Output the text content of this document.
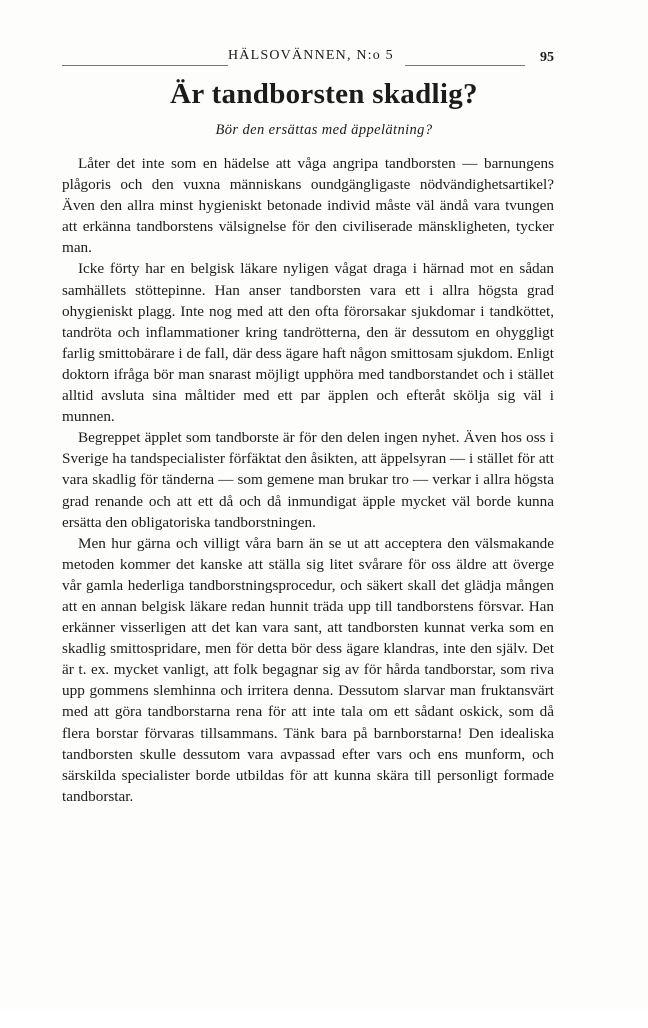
HÄLSOVÄNNEN, N:o 5	95
Är tandborsten skadlig?
Bör den ersättas med äppelätning?

Låter det inte som en hädelse att våga angripa tandborsten — barnungens plågoris och den vuxna människans oundgängligaste nödvändighetsartikel? Även den allra minst hygieniskt betonade individ måste väl ändå vara tvungen att erkänna tandborstens välsignelse för den civiliserade mänskligheten, tycker man.

Icke förty har en belgisk läkare nyligen vågat draga i härnad mot en sådan samhällets stöttepinne. Han anser tandborsten vara ett i allra högsta grad ohygieniskt plagg. Inte nog med att den ofta förorsakar sjukdomar i tandköttet, tandröta och inflammationer kring tandrötterna, den är dessutom en ohyggligt farlig smittobärare i de fall, där dess ägare haft någon smittosam sjukdom. Enligt doktorn ifråga bör man snarast möjligt upphöra med tandborstandet och i stället alltid avsluta sina måltider med ett par äpplen och efteråt skölja sig väl i munnen.

Begreppet äpplet som tandborste är för den delen ingen nyhet. Även hos oss i Sverige ha tandspecialister förfäktat den åsikten, att äppelsyran — i stället för att vara skadlig för tänderna — som gemene man brukar tro — verkar i allra högsta grad renande och att ett då och då inmundigat äpple mycket väl borde kunna ersätta den obligatoriska tandborstningen.

Men hur gärna och villigt våra barn än se ut att acceptera den välsmakande metoden kommer det kanske att ställa sig litet svårare för oss äldre att överge vår gamla hederliga tandborstningsprocedur, och säkert skall det glädja mången att en annan belgisk läkare redan hunnit träda upp till tandborstens försvar. Han erkänner visserligen att det kan vara sant, att tandborsten kunnat verka som en skadlig smittospridare, men för detta bör dess ägare klandras, inte den själv. Det är t. ex. mycket vanligt, att folk begagnar sig av för hårda tandborstar, som riva upp gommens slemhinna och irritera denna. Dessutom slarvar man fruktansvärt med att göra tandborstarna rena för att inte tala om ett sådant oskick, som då flera borstar förvaras tillsammans. Tänk bara på barnborstarna! Den idealiska tandborsten skulle dessutom vara avpassad efter vars och ens munform, och särskilda specialister borde utbildas för att kunna skära till personligt formade tandborstar.
